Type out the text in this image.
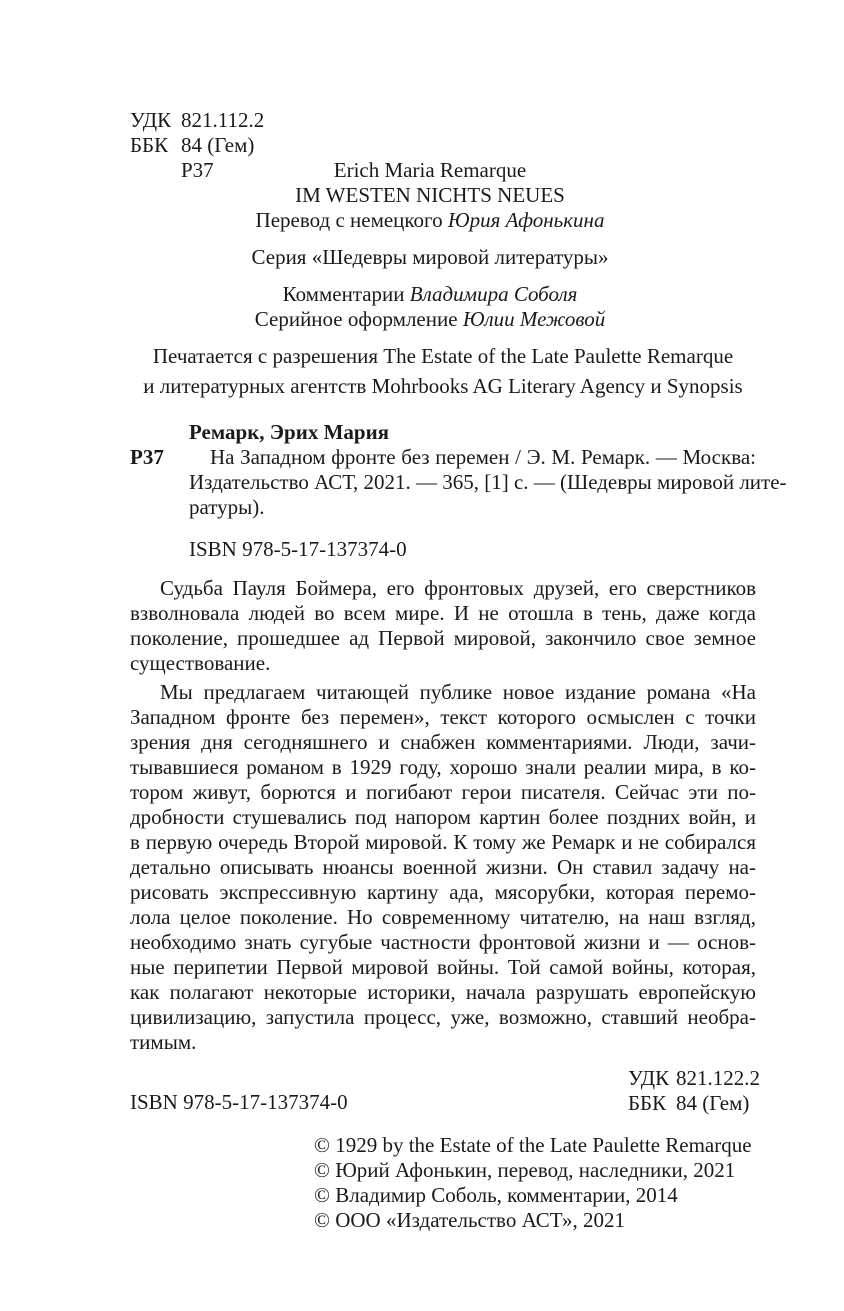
УДК 821.112.2
ББК 84 (Гем)
Р37	Erich Maria Remarque
IM WESTEN NICHTS NEUES
Перевод с немецкого Юрия Афонькина
Серия «Шедевры мировой литературы»
Комментарии Владимира Соболя
Серийное оформление Юлии Межовой
Печатается с разрешения The Estate of the Late Paulette Remarque
и литературных агентств Mohrbooks AG Literary Agency и Synopsis
Ремарк, Эрих Мария
Р37 На Западном фронте без перемен / Э. М. Ремарк. — Москва:
Издательство АСТ, 2021. — 365, [1] с. — (Шедевры мировой лите-
ратуры).
ISBN 978-5-17-137374-0
Судьба Пауля Боймера, его фронтовых друзей, его сверстников
взволновала людей во всем мире. И не отошла в тень, даже когда
поколение, прошедшее ад Первой мировой, закончило свое земное
существование.
Мы предлагаем читающей публике новое издание романа «На
Западном фронте без перемен», текст которого осмыслен с точки
зрения дня сегодняшнего и снабжен комментариями. Люди, зачи-
тывавшиеся романом в 1929 году, хорошо знали реалии мира, в ко-
тором живут, борются и погибают герои писателя. Сейчас эти по-
дробности стушевались под напором картин более поздних войн, и
в первую очередь Второй мировой. К тому же Ремарк и не собирался
детально описывать нюансы военной жизни. Он ставил задачу на-
рисовать экспрессивную картину ада, мясорубки, которая перемо-
лола целое поколение. Но современному читателю, на наш взгляд,
необходимо знать сугубые частности фронтовой жизни и — основ-
ные перипетии Первой мировой войны. Той самой войны, которая,
как полагают некоторые историки, начала разрушать европейскую
цивилизацию, запустила процесс, уже, возможно, ставший необра-
тимым.
ISBN 978-5-17-137374-0
УДК 821.122.2
ББК 84 (Гем)
© 1929 by the Estate of the Late Paulette Remarque
© Юрий Афонькин, перевод, наследники, 2021
© Владимир Соболь, комментарии, 2014
© ООО «Издательство АСТ», 2021
